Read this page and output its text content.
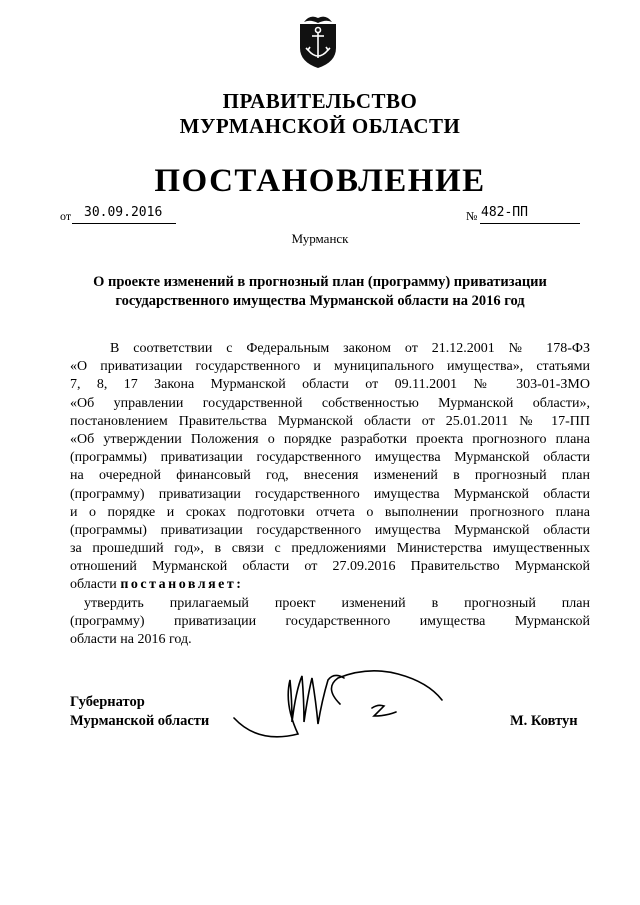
ПРАВИТЕЛЬСТВО
МУРМАНСКОЙ ОБЛАСТИ
ПОСТАНОВЛЕНИЕ
от 30.09.2016	№ 482-ПП
Мурманск
О проекте изменений в прогнозный план (программу) приватизации
государственного имущества Мурманской области на 2016 год
В соответствии с Федеральным законом от 21.12.2001 № 178-ФЗ
«О приватизации государственного и муниципального имущества», статьями
7, 8, 17 Закона Мурманской области от 09.11.2001 № 303-01-ЗМО
«Об управлении государственной собственностью Мурманской области»,
постановлением Правительства Мурманской области от 25.01.2011 № 17-ПП
«Об утверждении Положения о порядке разработки проекта прогнозного плана
(программы) приватизации государственного имущества Мурманской области
на очередной финансовый год, внесения изменений в прогнозный план
(программу) приватизации государственного имущества Мурманской области
и о порядке и сроках подготовки отчета о выполнении прогнозного плана
(программы) приватизации государственного имущества Мурманской области
за прошедший год», в связи с предложениями Министерства имущественных
отношений Мурманской области от 27.09.2016 Правительство Мурманской
области постановляет:
утвердить прилагаемый проект изменений в прогнозный план
(программу) приватизации государственного имущества Мурманской
области на 2016 год.
Губернатор
Мурманской области	М. Ковтун
